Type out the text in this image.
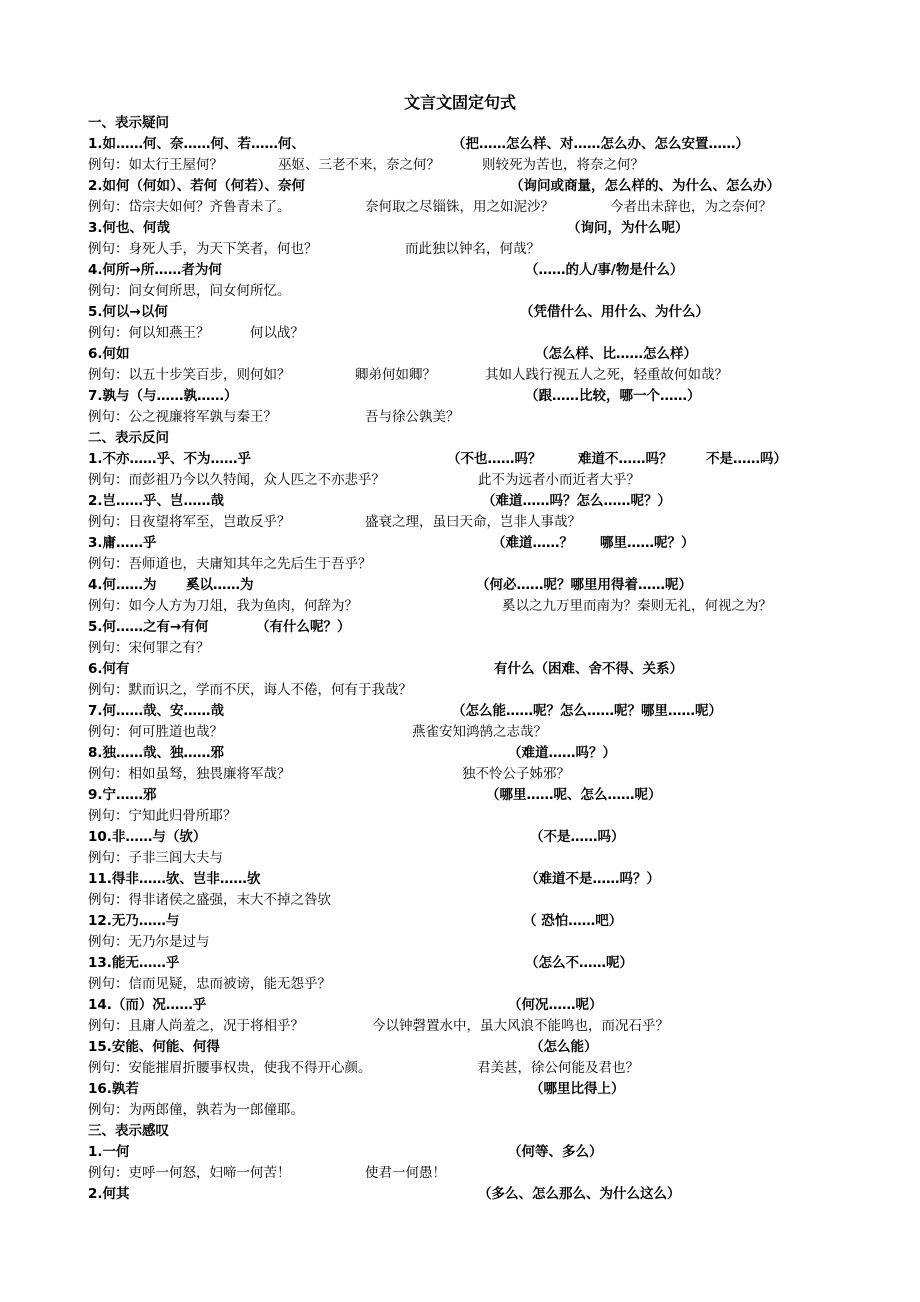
文言文固定句式
一、表示疑问
1.如……何、奈……何、若……何、	（把……怎么样、对……怎么办、怎么安置……）
例句：如太行王屋何？	巫妪、三老不来，奈之何？	则较死为苦也，将奈之何？
2.如何（何如）、若何（何若）、奈何	（询问或商量，怎么样的、为什么、怎么办）
例句：岱宗夫如何？齐鲁青未了。	奈何取之尽锱铢，用之如泥沙？	今者出未辞也，为之奈何？
3.何也、何哉	（询问，为什么呢）
例句：身死人手，为天下笑者，何也？	而此独以钟名，何哉？
4.何所→所……者为何	（……的人/事/物是什么）
例句：问女何所思，问女何所忆。
5.何以→以何	（凭借什么、用什么、为什么）
例句：何以知燕王？	何以战？
6.何如	（怎么样、比……怎么样）
例句：以五十步笑百步，则何如？	卿弟何如卿？	其如人践行视五人之死，轻重故何如哉？
7.孰与（与……孰……）	（跟……比较，哪一个……）
例句：公之视廉将军孰与秦王？	吾与徐公孰美？
二、表示反问
1.不亦……乎、不为……乎	（不也……吗？	难道不……吗？ 不是……吗）
例句：而彭祖乃今以久特闻，众人匹之不亦悲乎？	此不为远者小而近者大乎？
2.岂……乎、岂……哉	（难道……吗？怎么……呢？）
例句：日夜望将军至，岂敢反乎？	盛衰之理，虽曰天命，岂非人事哉？
3.庸……乎	（难道……？ 哪里……呢？）
例句：吾师道也，夫庸知其年之先后生于吾乎？
4.何……为 奚以……为	（何必……呢？哪里用得着……呢）
例句：如今人方为刀俎，我为鱼肉，何辞为？	奚以之九万里而南为？秦则无礼，何视之为？
5.何……之有→有何	（有什么呢？）
例句：宋何罪之有？
6.何有	有什么（困难、舍不得、关系）
例句：默而识之，学而不厌，诲人不倦，何有于我哉？
7.何……哉、安……哉	（怎么能……呢？怎么……呢？哪里……呢）
例句：何可胜道也哉？	燕雀安知鸿鹄之志哉？
8.独……哉、独……邪	（难道……吗？）
例句：相如虽驽，独畏廉将军哉？	独不怜公子姊邪？
9.宁……邪	（哪里……呢、怎么……呢）
例句：宁知此归骨所耶？
10.非……与（欤）	（不是……吗）
例句：子非三闾大夫与
11.得非……欤、岂非……欤	（难道不是……吗？）
例句：得非诸侯之盛强，末大不掉之咎欤
12.无乃……与	（ 恐怕……吧）
例句：无乃尔是过与
13.能无……乎	（怎么不……呢）
例句：信而见疑，忠而被谤，能无怨乎？
14.（而）况……乎	（何况……呢）
例句：且庸人尚羞之，况于将相乎？	今以钟磬置水中，虽大风浪不能鸣也，而况石乎？
15.安能、何能、何得	（怎么能）
例句：安能摧眉折腰事权贵，使我不得开心颜。	君美甚，徐公何能及君也？
16.孰若	（哪里比得上）
例句：为两郎僮，孰若为一郎僮耶。
三、表示感叹
1.一何	（何等、多么）
例句：吏呼一何怒，妇啼一何苦！	使君一何愚！
2.何其	（多么、怎么那么、为什么这么）
